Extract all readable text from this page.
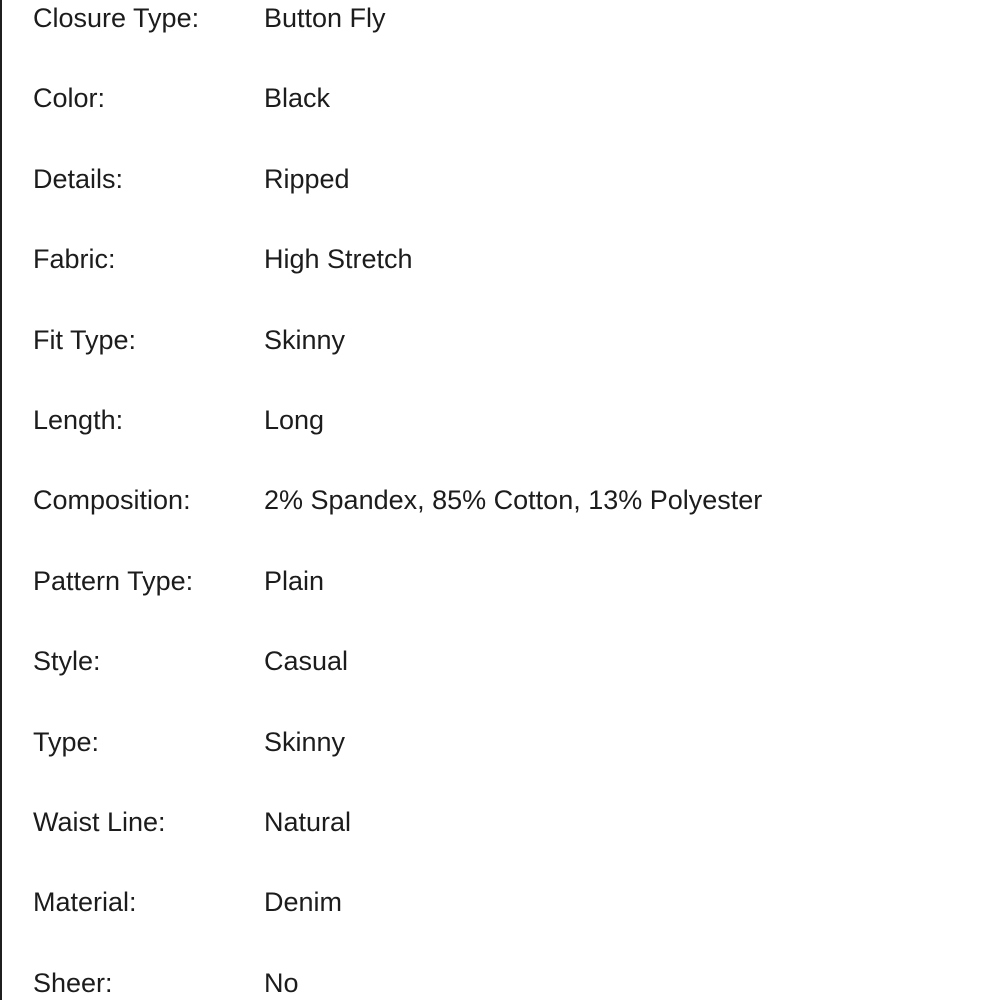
Closure Type:	Button Fly
Color:	Black
Details:	Ripped
Fabric:	High Stretch
Fit Type:	Skinny
Length:	Long
Composition:	2% Spandex, 85% Cotton, 13% Polyester
Pattern Type:	Plain
Style:	Casual
Type:	Skinny
Waist Line:	Natural
Material:	Denim
Sheer:	No
